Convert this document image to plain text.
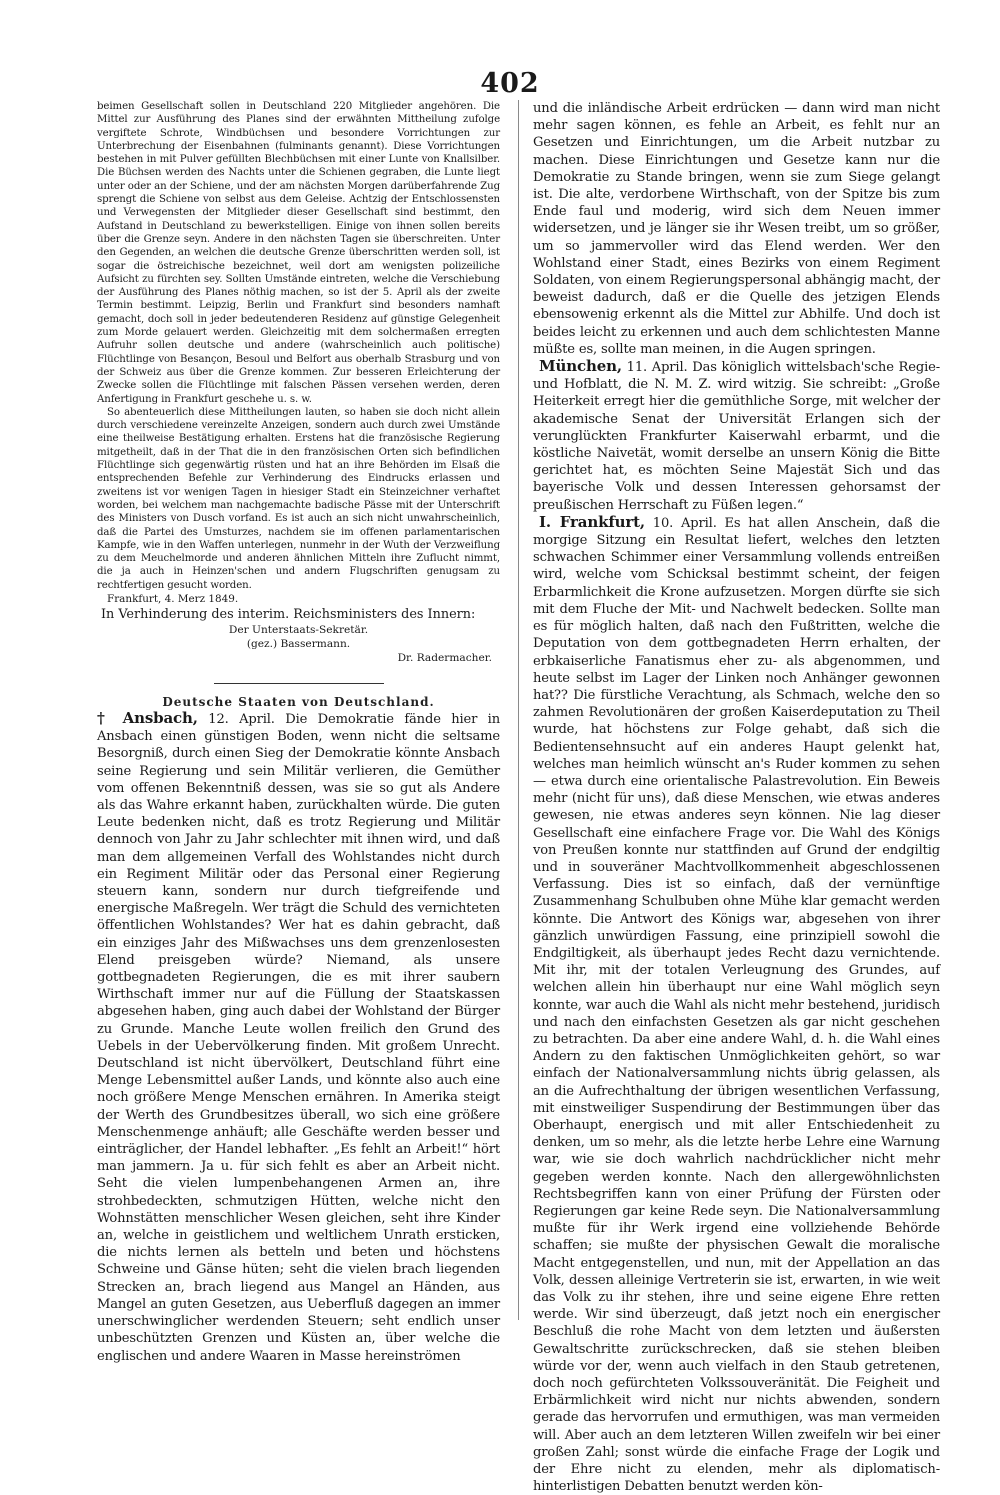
402

beimen Gesellschaft sollen in Deutschland 220 Mitglieder angehören. Die Mittel zur Ausführung des Planes sind der erwähnten Mittheilung zufolge vergiftete Schrote, Windbüchsen und besondere Vorrichtungen zur Unterbrechung der Eisenbahnen (fulminants genannt). Diese Vorrichtungen bestehen in mit Pulver gefüllten Blechbüchsen mit einer Lunte von Knallsilber. Die Büchsen werden des Nachts unter die Schienen gegraben, die Lunte liegt unter oder an der Schiene, und der am nächsten Morgen darüberfahrende Zug sprengt die Schiene von selbst aus dem Geleise. Achtzig der Entschlossensten und Verwegensten der Mitglieder dieser Gesellschaft sind bestimmt, den Aufstand in Deutschland zu bewerkstelligen. Einige von ihnen sollen bereits über die Grenze seyn. Andere in den nächsten Tagen sie überschreiten. Unter den Gegenden, an welchen die deutsche Grenze überschritten werden soll, ist sogar die östreichische bezeichnet, weil dort am wenigsten polizeiliche Aufsicht zu fürchten sey. Sollten Umstände eintreten, welche die Verschiebung der Ausführung des Planes nöthig machen, so ist der 5. April als der zweite Termin bestimmt. Leipzig, Berlin und Frankfurt sind besonders namhaft gemacht, doch soll in jeder bedeutenderen Residenz auf günstige Gelegenheit zum Morde gelauert werden. Gleichzeitig mit dem solchermaßen erregten Aufruhr sollen deutsche und andere (wahrscheinlich auch politische) Flüchtlinge von Besançon, Besoul und Belfort aus oberhalb Strasburg und von der Schweiz aus über die Grenze kommen. Zur besseren Erleichterung der Zwecke sollen die Flüchtlinge mit falschen Pässen versehen werden, deren Anfertigung in Frankfurt geschehe u. s. w.

So abenteuerlich diese Mittheilungen lauten, so haben sie doch nicht allein durch verschiedene vereinzelte Anzeigen, sondern auch durch zwei Umstände eine theilweise Bestätigung erhalten. Erstens hat die französische Regierung mitgetheilt, daß in der That die in den französischen Orten sich befindlichen Flüchtlinge sich gegenwärtig rüsten und hat an ihre Behörden im Elsaß die entsprechenden Befehle zur Verhinderung des Eindrucks erlassen und zweitens ist vor wenigen Tagen in hiesiger Stadt ein Steinzeichner verhaftet worden, bei welchem man nachgemachte badische Pässe mit der Unterschrift des Ministers von Dusch vorfand. Es ist auch an sich nicht unwahrscheinlich, daß die Partei des Umsturzes, nachdem sie im offenen parlamentarischen Kampfe, wie in den Waffen unterlegen, nunmehr in der Wuth der Verzweiflung zu dem Meuchelmorde und anderen ähnlichen Mitteln ihre Zuflucht nimmt, die ja auch in Heinzen'schen und andern Flugschriften genugsam zu rechtfertigen gesucht worden.

Frankfurt, 4. Merz 1849.

In Verhinderung des interim. Reichsministers des Innern:

Der Unterstaats-Sekretär.

(gez.) Bassermann.

Dr. Radermacher.

Deutsche Staaten von Deutschland.

† Ansbach, 12. April. Die Demokratie fände hier in Ansbach einen günstigen Boden, wenn nicht die seltsame Besorgniß, durch einen Sieg der Demokratie könnte Ansbach seine Regierung und sein Militär verlieren, die Gemüther vom offenen Bekenntniß dessen, was sie so gut als Andere als das Wahre erkannt haben, zurückhalten würde. Die guten Leute bedenken nicht, daß es trotz Regierung und Militär dennoch von Jahr zu Jahr schlechter mit ihnen wird, und daß man dem allgemeinen Verfall des Wohlstandes nicht durch ein Regiment Militär oder das Personal einer Regierung steuern kann, sondern nur durch tiefgreifende und energische Maßregeln. Wer trägt die Schuld des vernichteten öffentlichen Wohlstandes? Wer hat es dahin gebracht, daß ein einziges Jahr des Mißwachses uns dem grenzenlosesten Elend preisgeben würde? Niemand, als unsere gottbegnadeten Regierungen, die es mit ihrer saubern Wirthschaft immer nur auf die Füllung der Staatskassen abgesehen haben, ging auch dabei der Wohlstand der Bürger zu Grunde. Manche Leute wollen freilich den Grund des Uebels in der Uebervölkerung finden. Mit großem Unrecht. Deutschland ist nicht übervölkert, Deutschland führt eine Menge Lebensmittel außer Lands, und könnte also auch eine noch größere Menge Menschen ernähren. In Amerika steigt der Werth des Grundbesitzes überall, wo sich eine größere Menschenmenge anhäuft; alle Geschäfte werden besser und einträglicher, der Handel lebhafter. „Es fehlt an Arbeit!“ hört man jammern. Ja u. für sich fehlt es aber an Arbeit nicht. Seht die vielen lumpenbehangenen Armen an, ihre strohbedeckten, schmutzigen Hütten, welche nicht den Wohnstätten menschlicher Wesen gleichen, seht ihre Kinder an, welche in geistlichem und weltlichem Unrath ersticken, die nichts lernen als betteln und beten und höchstens Schweine und Gänse hüten; seht die vielen brach liegenden Strecken an, brach liegend aus Mangel an Händen, aus Mangel an guten Gesetzen, aus Ueberfluß dagegen an immer unerschwinglicher werdenden Steuern; seht endlich unser unbeschützten Grenzen und Küsten an, über welche die englischen und andere Waaren in Masse hereinströmen

und die inländische Arbeit erdrücken — dann wird man nicht mehr sagen können, es fehle an Arbeit, es fehlt nur an Gesetzen und Einrichtungen, um die Arbeit nutzbar zu machen. Diese Einrichtungen und Gesetze kann nur die Demokratie zu Stande bringen, wenn sie zum Siege gelangt ist. Die alte, verdorbene Wirthschaft, von der Spitze bis zum Ende faul und moderig, wird sich dem Neuen immer widersetzen, und je länger sie ihr Wesen treibt, um so größer, um so jammervoller wird das Elend werden. Wer den Wohlstand einer Stadt, eines Bezirks von einem Regiment Soldaten, von einem Regierungspersonal abhängig macht, der beweist dadurch, daß er die Quelle des jetzigen Elends ebensowenig erkennt als die Mittel zur Abhilfe. Und doch ist beides leicht zu erkennen und auch dem schlichtesten Manne müßte es, sollte man meinen, in die Augen springen.

München, 11. April. Das königlich wittelsbach'sche Regie- und Hofblatt, die N. M. Z. wird witzig. Sie schreibt: „Große Heiterkeit erregt hier die gemüthliche Sorge, mit welcher der akademische Senat der Universität Erlangen sich der verunglückten Frankfurter Kaiserwahl erbarmt, und die köstliche Naivetät, womit derselbe an unsern König die Bitte gerichtet hat, es möchten Seine Majestät Sich und das bayerische Volk und dessen Interessen gehorsamst der preußischen Herrschaft zu Füßen legen.“

I. Frankfurt, 10. April. Es hat allen Anschein, daß die morgige Sitzung ein Resultat liefert, welches den letzten schwachen Schimmer einer Versammlung vollends entreißen wird, welche vom Schicksal bestimmt scheint, der feigen Erbarmlichkeit die Krone aufzusetzen. Morgen dürfte sie sich mit dem Fluche der Mit- und Nachwelt bedecken. Sollte man es für möglich halten, daß nach den Fußtritten, welche die Deputation von dem gottbegnadeten Herrn erhalten, der erbkaiserliche Fanatismus eher zu- als abgenommen, und heute selbst im Lager der Linken noch Anhänger gewonnen hat?? Die fürstliche Verachtung, als Schmach, welche den so zahmen Revolutionären der großen Kaiserdeputation zu Theil wurde, hat höchstens zur Folge gehabt, daß sich die Bedientensehnsucht auf ein anderes Haupt gelenkt hat, welches man heimlich wünscht an's Ruder kommen zu sehen — etwa durch eine orientalische Palastrevolution. Ein Beweis mehr (nicht für uns), daß diese Menschen, wie etwas anderes gewesen, nie etwas anderes seyn können. Nie lag dieser Gesellschaft eine einfachere Frage vor. Die Wahl des Königs von Preußen konnte nur stattfinden auf Grund der endgiltig und in souveräner Machtvollkommenheit abgeschlossenen Verfassung. Dies ist so einfach, daß der vernünftige Zusammenhang Schulbuben ohne Mühe klar gemacht werden könnte. Die Antwort des Königs war, abgesehen von ihrer gänzlich unwürdigen Fassung, eine prinzipiell sowohl die Endgiltigkeit, als überhaupt jedes Recht dazu vernichtende. Mit ihr, mit der totalen Verleugnung des Grundes, auf welchen allein hin überhaupt nur eine Wahl möglich seyn konnte, war auch die Wahl als nicht mehr bestehend, juridisch und nach den einfachsten Gesetzen als gar nicht geschehen zu betrachten. Da aber eine andere Wahl, d. h. die Wahl eines Andern zu den faktischen Unmöglichkeiten gehört, so war einfach der Nationalversammlung nichts übrig gelassen, als an die Aufrechthaltung der übrigen wesentlichen Verfassung, mit einstweiliger Suspendirung der Bestimmungen über das Oberhaupt, energisch und mit aller Entschiedenheit zu denken, um so mehr, als die letzte herbe Lehre eine Warnung war, wie sie doch wahrlich nachdrücklicher nicht mehr gegeben werden konnte. Nach den allergewöhnlichsten Rechtsbegriffen kann von einer Prüfung der Fürsten oder Regierungen gar keine Rede seyn. Die Nationalversammlung mußte für ihr Werk irgend eine vollziehende Behörde schaffen; sie mußte der physischen Gewalt die moralische Macht entgegenstellen, und nun, mit der Appellation an das Volk, dessen alleinige Vertreterin sie ist, erwarten, in wie weit das Volk zu ihr stehen, ihre und seine eigene Ehre retten werde. Wir sind überzeugt, daß jetzt noch ein energischer Beschluß die rohe Macht von dem letzten und äußersten Gewaltschritte zurückschrecken, daß sie stehen bleiben würde vor der, wenn auch vielfach in den Staub getretenen, doch noch gefürchteten Volkssouveränität. Die Feigheit und Erbärmlichkeit wird nicht nur nichts abwenden, sondern gerade das hervorrufen und ermuthigen, was man vermeiden will. Aber auch an dem letzteren Willen zweifeln wir bei einer großen Zahl; sonst würde die einfache Frage der Logik und der Ehre nicht zu elenden, mehr als diplomatisch-hinterlistigen Debatten benutzt werden kön-
